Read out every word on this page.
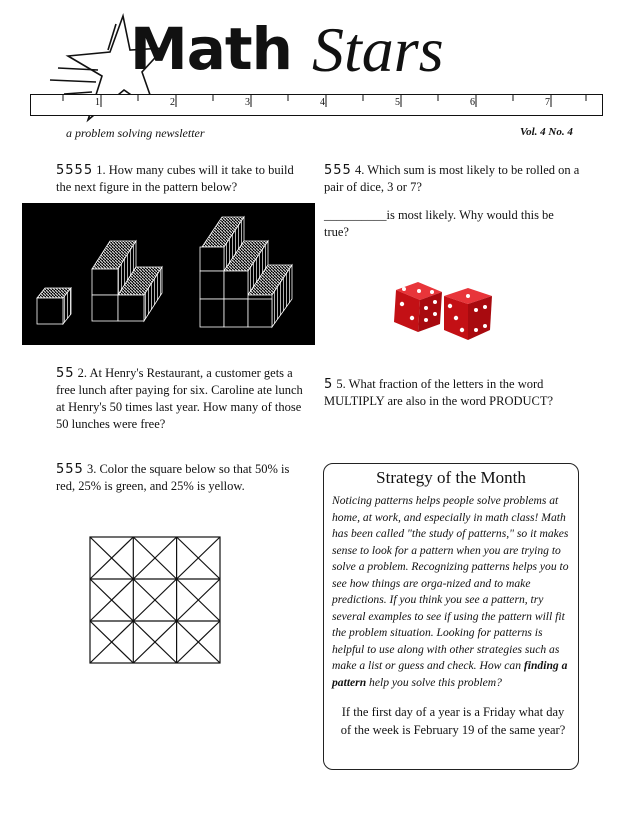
Math Stars
1	2	3	4	5	6	7
a problem solving newsletter	Vol. 4 No. 4
5555 1. How many cubes will it take to build the next figure in the pattern below?
555 4. Which sum is most likely to be rolled on a pair of dice, 3 or 7?
__________is most likely. Why would this be true?
55 2. At Henry's Restaurant, a customer gets a free lunch after paying for six. Caroline ate lunch at Henry's 50 times last year. How many of those 50 lunches were free?
5 5. What fraction of the letters in the word MULTIPLY are also in the word PRODUCT?
555 3. Color the square below so that 50% is red, 25% is green, and 25% is yellow.	Strategy of the Month
Noticing patterns helps people solve problems at home, at work, and especially in math class! Math has been called "the study of patterns," so it makes sense to look for a pattern when you are trying to solve a problem. Recognizing patterns helps you to see how things are orga-nized and to make predictions. If you think you see a pattern, try several examples to see if using the pattern will fit the problem situation. Looking for patterns is helpful to use along with other strategies such as make a list or guess and check. How can finding a pattern help you solve this problem?
If the first day of a year is a Friday what day of the week is February 19 of the same year?
